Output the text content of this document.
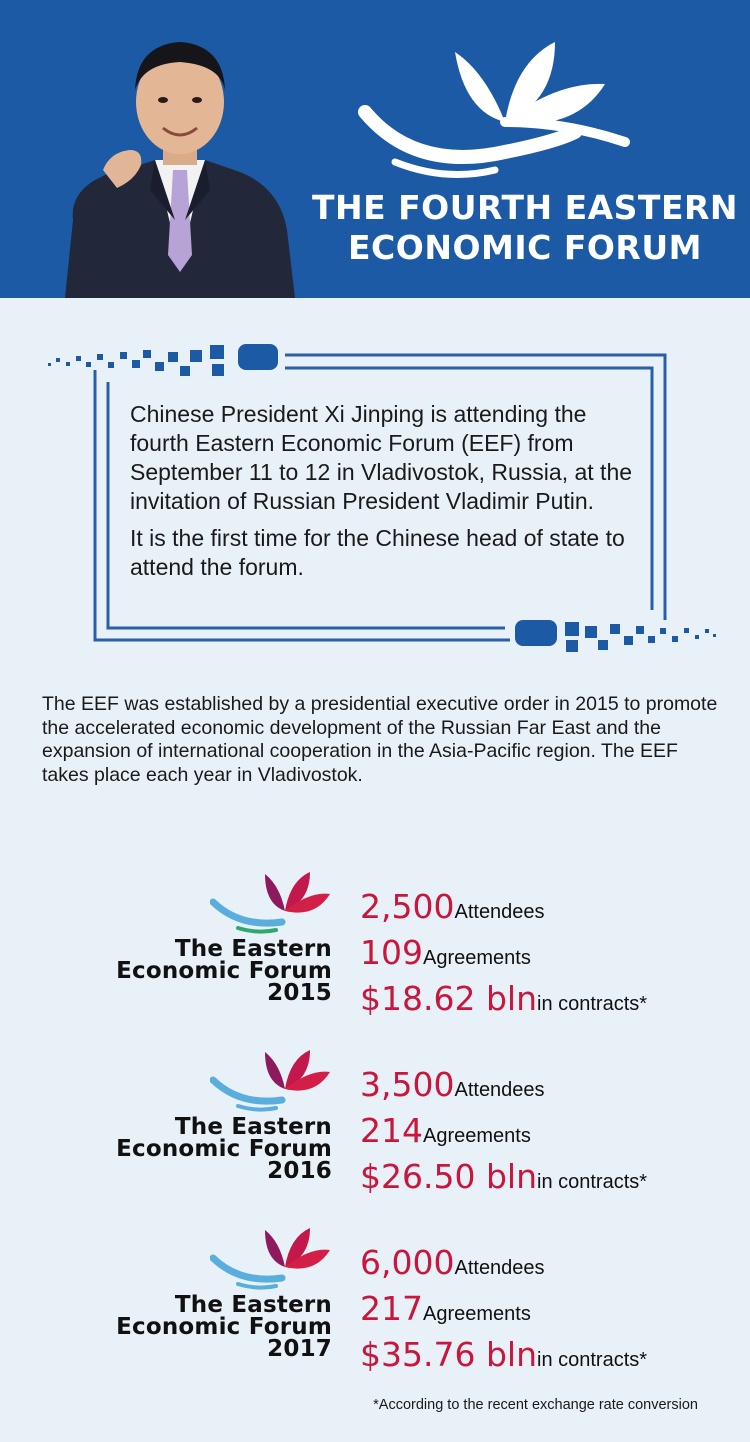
THE FOURTH EASTERN
ECONOMIC FORUM

Chinese President Xi Jinping is attending the fourth Eastern Economic Forum (EEF) from September 11 to 12 in Vladivostok, Russia, at the invitation of Russian President Vladimir Putin.

It is the first time for the Chinese head of state to attend the forum.

The EEF was established by a presidential executive order in 2015 to promote the accelerated economic development of the Russian Far East and the expansion of international cooperation in the Asia-Pacific region. The EEF takes place each year in Vladivostok.
The Eastern
Economic Forum
2015
2,500Attendees
109Agreements
$18.62 blnin contracts*
The Eastern
Economic Forum
2016
3,500Attendees
214Agreements
$26.50 blnin contracts*
The Eastern
Economic Forum
2017
6,000Attendees
217Agreements
$35.76 blnin contracts*
*According to the recent exchange rate conversion
